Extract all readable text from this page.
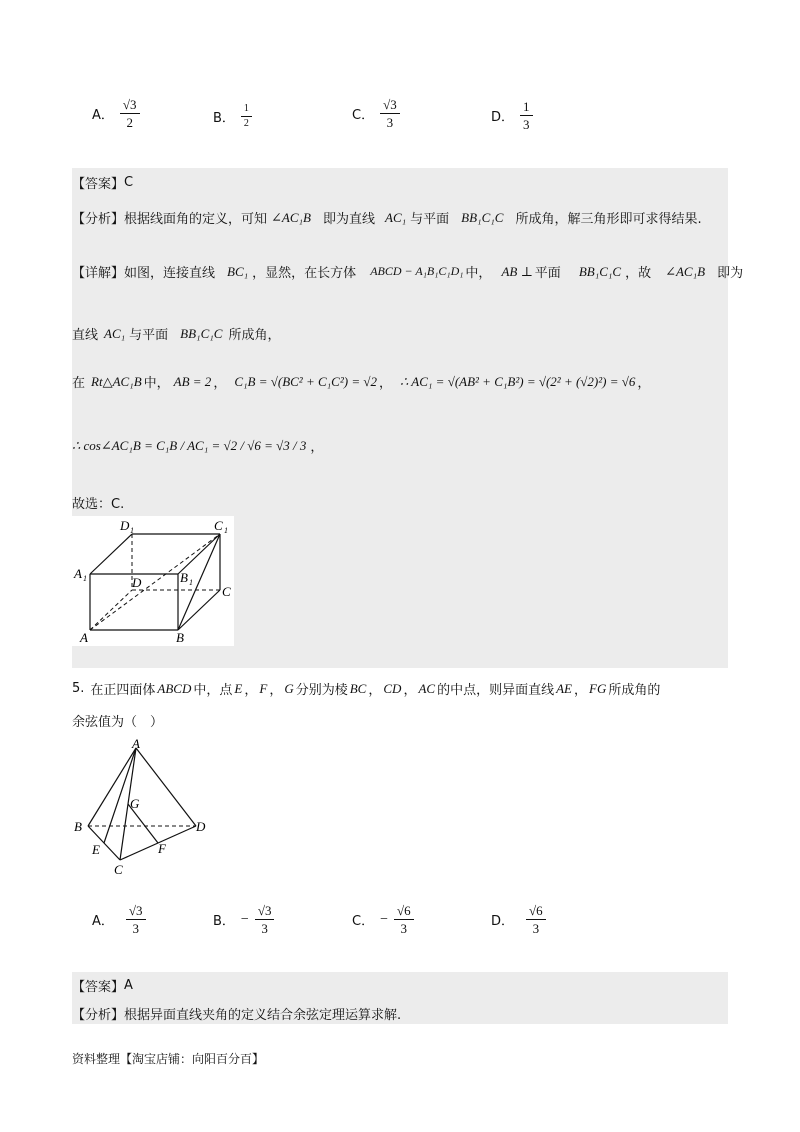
A． $\frac{√3}{2}$	B． $\frac{1}{2}$	C． $\frac{√3}{3}$	D． $\frac{1}{3}$
【答案】 C
【分析】 根据线面角的定义，可知 ∠AC₁B 即为直线 AC₁ 与平面 BB₁C₁C 所成角，解三角形即可求得结果.
【详解】 如图，连接直线 BC₁ ，显然，在长方体 ABCD − A₁B₁C₁D₁ 中， AB ⊥ 平面 BB₁C₁C ，故 ∠AC₁B 即为
直线 AC₁ 与平面 BB₁C₁C 所成角，
在 Rt△AC₁B 中， AB = 2 ， C₁B = √(BC² + C₁C²) = √2 ， ∴ AC₁ = √(AB² + C₁B²) = √(2² + (√2)²) = √6 ，
∴ cos∠AC₁B = C₁B / AC₁ = √2 / √6 = √3 / 3 ，
故选：C.
D 1	C 1
A 1	B 1
D
C
A	B
5. 在正四面体 ABCD 中，点 E ， F ， G 分别为棱 BC ， CD ， AC 的中点，则异面直线 AE ， FG 所成角的
余弦值为（　）
A
G
B	D
E	F
C
A． $\frac{√3}{3}$	B． − $\frac{√3}{3}$	C． − $\frac{√6}{3}$	D． $\frac{√6}{3}$
【答案】 A
【分析】 根据异面直线夹角的定义结合余弦定理运算求解.
资料整理【淘宝店铺：向阳百分百】
